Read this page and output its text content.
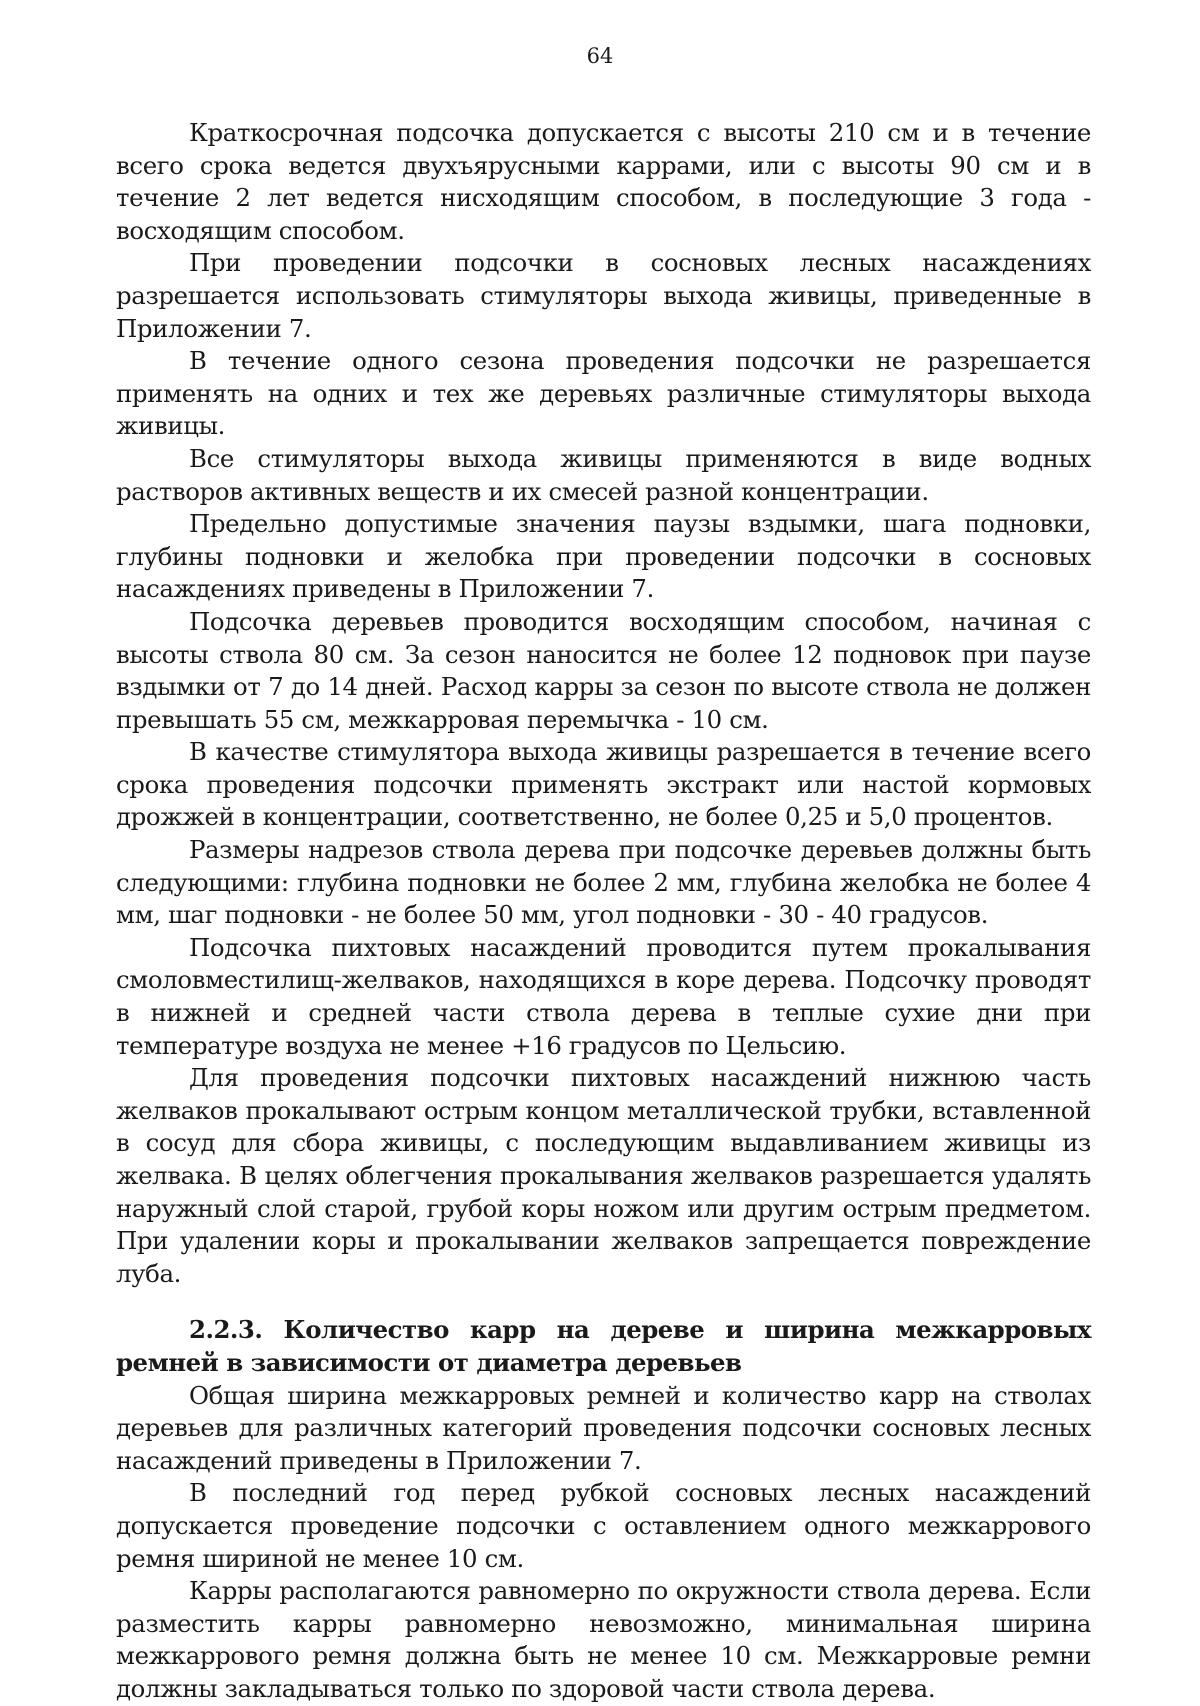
64

Краткосрочная подсочка допускается с высоты 210 см и в течение всего срока ведется двухъярусными каррами, или с высоты 90 см и в течение 2 лет ведется нисходящим способом, в последующие 3 года - восходящим способом.

При проведении подсочки в сосновых лесных насаждениях разрешается использовать стимуляторы выхода живицы, приведенные в Приложении 7.

В течение одного сезона проведения подсочки не разрешается применять на одних и тех же деревьях различные стимуляторы выхода живицы.

Все стимуляторы выхода живицы применяются в виде водных растворов активных веществ и их смесей разной концентрации.

Предельно допустимые значения паузы вздымки, шага подновки, глубины подновки и желобка при проведении подсочки в сосновых насаждениях приведены в Приложении 7.

Подсочка деревьев проводится восходящим способом, начиная с высоты ствола 80 см. За сезон наносится не более 12 подновок при паузе вздымки от 7 до 14 дней. Расход карры за сезон по высоте ствола не должен превышать 55 см, межкарровая перемычка - 10 см.

В качестве стимулятора выхода живицы разрешается в течение всего срока проведения подсочки применять экстракт или настой кормовых дрожжей в концентрации, соответственно, не более 0,25 и 5,0 процентов.

Размеры надрезов ствола дерева при подсочке деревьев должны быть следующими: глубина подновки не более 2 мм, глубина желобка не более 4 мм, шаг подновки - не более 50 мм, угол подновки - 30 - 40 градусов.

Подсочка пихтовых насаждений проводится путем прокалывания смоловместилищ-желваков, находящихся в коре дерева. Подсочку проводят в нижней и средней части ствола дерева в теплые сухие дни при температуре воздуха не менее +16 градусов по Цельсию.

Для проведения подсочки пихтовых насаждений нижнюю часть желваков прокалывают острым концом металлической трубки, вставленной в сосуд для сбора живицы, с последующим выдавливанием живицы из желвака. В целях облегчения прокалывания желваков разрешается удалять наружный слой старой, грубой коры ножом или другим острым предметом. При удалении коры и прокалывании желваков запрещается повреждение луба.

2.2.3. Количество карр на дереве и ширина межкарровых ремней в зависимости от диаметра деревьев

Общая ширина межкарровых ремней и количество карр на стволах деревьев для различных категорий проведения подсочки сосновых лесных насаждений приведены в Приложении 7.

В последний год перед рубкой сосновых лесных насаждений допускается проведение подсочки с оставлением одного межкаррового ремня шириной не менее 10 см.

Карры располагаются равномерно по окружности ствола дерева. Если разместить карры равномерно невозможно, минимальная ширина межкаррового ремня должна быть не менее 10 см. Межкарровые ремни должны закладываться только по здоровой части ствола дерева.
